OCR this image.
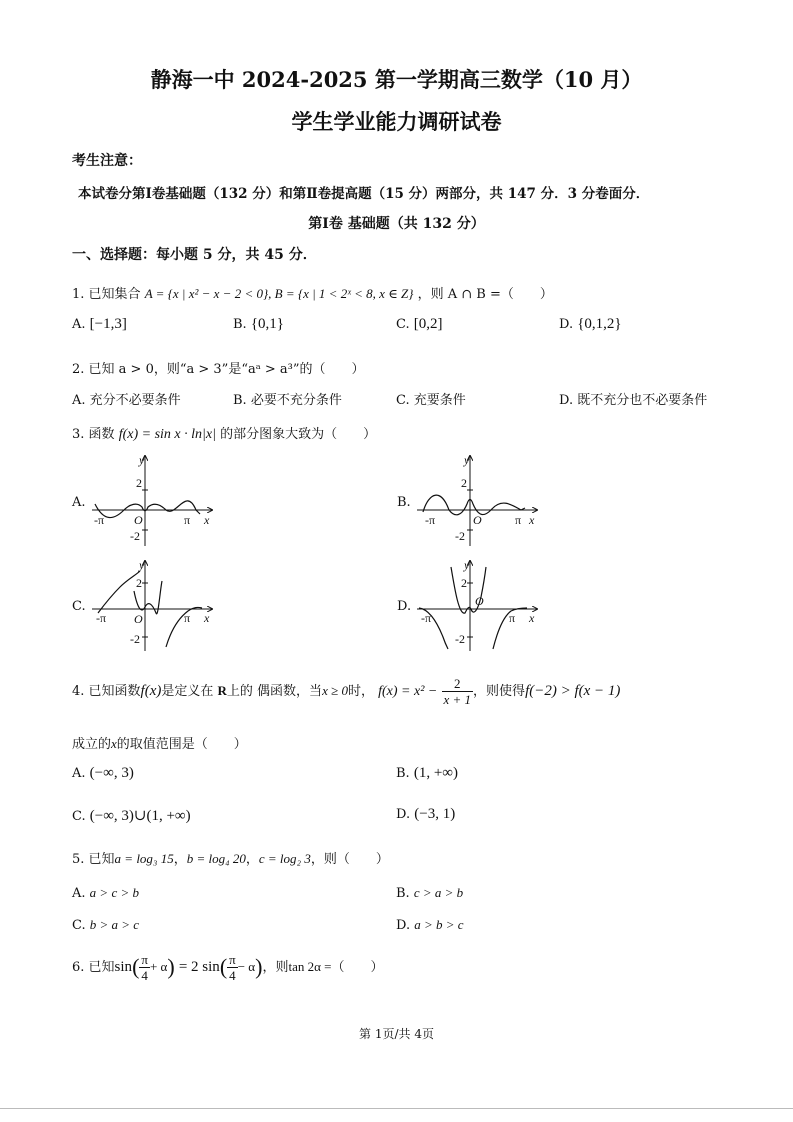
静海一中 2024-2025 第一学期高三数学（10 月）
学生学业能力调研试卷
考生注意：
本试卷分第Ⅰ卷基础题（132 分）和第Ⅱ卷提高题（15 分）两部分，共 147 分．3 分卷面分．
第Ⅰ卷 基础题（共 132 分）
一、选择题：每小题 5 分，共 45 分．
1. 已知集合 A = {x | x² − x − 2 < 0}, B = {x | 1 < 2ˣ < 8, x ∈ Z} ，则 A ∩ B =（　　）
A. [−1,3]	B. {0,1}	C. [0,2]	D. {0,1,2}
2. 已知 a > 0，则“a > 3”是“aᵃ > a³”的（　　）
A. 充分不必要条件	B. 必要不充分条件	C. 充要条件	D. 既不充分也不必要条件
3. 函数 f(x) = sin x · ln|x| 的部分图象大致为（　　）
A.	B.
C.	D.
y
2
-2
-π	π
O	x
y
2
-2
-π	π
O	x
y
2
-2
-π	π
O	x
y
2
-2
-π	π
O
x
4. 已知函数f(x)是定义在 R上的 偶函数，当x ≥ 0时， $f(x) = x^2 - \frac{2}{x + 1}$ ，则使得f(−2) > f(x − 1)
成立的x的取值范围是（　　）
A. (−∞, 3)	B. (1, +∞)
C. (−∞, 3)∪(1, +∞)	D. (−3, 1)
5. 已知a = log₃ 15，b = log₄ 20，c = log₂ 3，则（　　）
A. a > c > b	B. c > a > b
C. b > a > c	D. a > b > c
6. 已知$\sin( \frac{\pi}{4} + \alpha) = 2$ $\sin( \frac{\pi}{4} - \alpha)$，则tan 2α =（　　）
第 1页/共 4页
